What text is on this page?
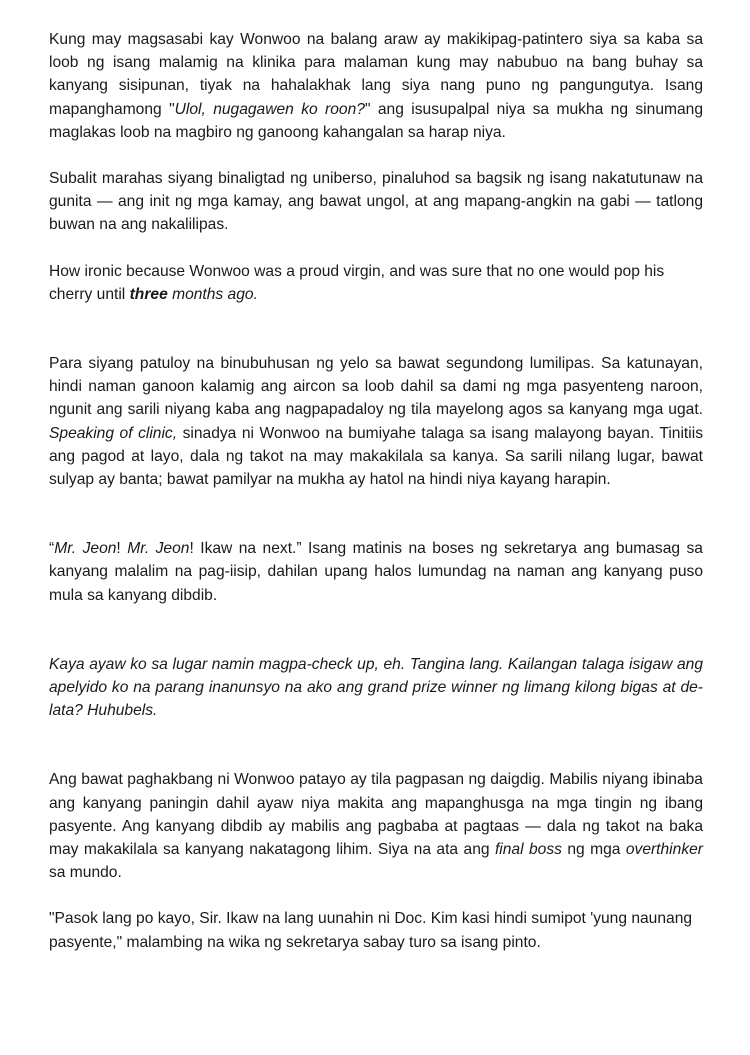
Kung may magsasabi kay Wonwoo na balang araw ay makikipag-patintero siya sa kaba sa loob ng isang malamig na klinika para malaman kung may nabubuo na bang buhay sa kanyang sisipunan, tiyak na hahalakhak lang siya nang puno ng pangungutya. Isang mapanghamong "Ulol, nugagawen ko roon?" ang isusupalpal niya sa mukha ng sinumang maglakas loob na magbiro ng ganoong kahangalan sa harap niya.

Subalit marahas siyang binaligtad ng uniberso, pinaluhod sa bagsik ng isang nakatutunaw na gunita — ang init ng mga kamay, ang bawat ungol, at ang mapang-angkin na gabi — tatlong buwan na ang nakalilipas.

How ironic because Wonwoo was a proud virgin, and was sure that no one would pop his cherry until three months ago.

Para siyang patuloy na binubuhusan ng yelo sa bawat segundong lumilipas. Sa katunayan, hindi naman ganoon kalamig ang aircon sa loob dahil sa dami ng mga pasyenteng naroon, ngunit ang sarili niyang kaba ang nagpapadaloy ng tila mayelong agos sa kanyang mga ugat. Speaking of clinic, sinadya ni Wonwoo na bumiyahe talaga sa isang malayong bayan. Tinitiis ang pagod at layo, dala ng takot na may makakilala sa kanya. Sa sarili nilang lugar, bawat sulyap ay banta; bawat pamilyar na mukha ay hatol na hindi niya kayang harapin.

“Mr. Jeon! Mr. Jeon! Ikaw na next.” Isang matinis na boses ng sekretarya ang bumasag sa kanyang malalim na pag-iisip, dahilan upang halos lumundag na naman ang kanyang puso mula sa kanyang dibdib.

Kaya ayaw ko sa lugar namin magpa-check up, eh. Tangina lang. Kailangan talaga isigaw ang apelyido ko na parang inanunsyo na ako ang grand prize winner ng limang kilong bigas at de-lata? Huhubels.

Ang bawat paghakbang ni Wonwoo patayo ay tila pagpasan ng daigdig. Mabilis niyang ibinaba ang kanyang paningin dahil ayaw niya makita ang mapanghusga na mga tingin ng ibang pasyente. Ang kanyang dibdib ay mabilis ang pagbaba at pagtaas — dala ng takot na baka may makakilala sa kanyang nakatagong lihim. Siya na ata ang final boss ng mga overthinker sa mundo.

"Pasok lang po kayo, Sir. Ikaw na lang uunahin ni Doc. Kim kasi hindi sumipot 'yung naunang pasyente," malambing na wika ng sekretarya sabay turo sa isang pinto.
